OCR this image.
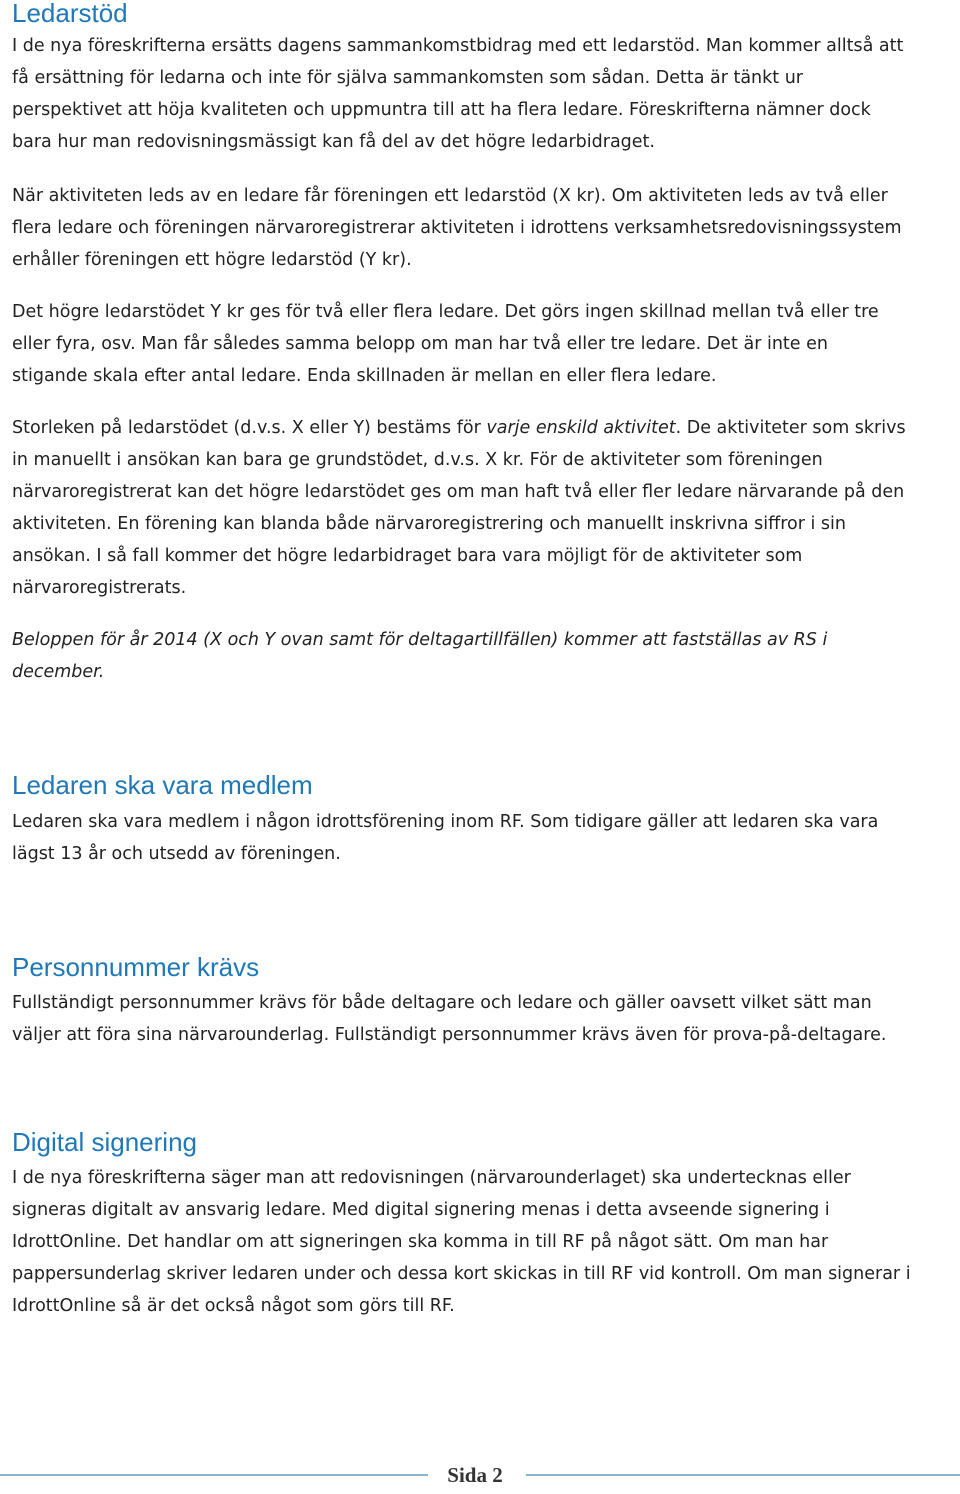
Ledarstöd

I de nya föreskrifterna ersätts dagens sammankomstbidrag med ett ledarstöd. Man kommer alltså att
få ersättning för ledarna och inte för själva sammankomsten som sådan. Detta är tänkt ur
perspektivet att höja kvaliteten och uppmuntra till att ha flera ledare. Föreskrifterna nämner dock
bara hur man redovisningsmässigt kan få del av det högre ledarbidraget.

När aktiviteten leds av en ledare får föreningen ett ledarstöd (X kr). Om aktiviteten leds av två eller
flera ledare och föreningen närvaroregistrerar aktiviteten i idrottens verksamhetsredovisningssystem
erhåller föreningen ett högre ledarstöd (Y kr).

Det högre ledarstödet Y kr ges för två eller flera ledare. Det görs ingen skillnad mellan två eller tre
eller fyra, osv. Man får således samma belopp om man har två eller tre ledare. Det är inte en
stigande skala efter antal ledare. Enda skillnaden är mellan en eller flera ledare.

Storleken på ledarstödet (d.v.s. X eller Y) bestäms för varje enskild aktivitet. De aktiviteter som skrivs
in manuellt i ansökan kan bara ge grundstödet, d.v.s. X kr. För de aktiviteter som föreningen
närvaroregistrerat kan det högre ledarstödet ges om man haft två eller fler ledare närvarande på den
aktiviteten. En förening kan blanda både närvaroregistrering och manuellt inskrivna siffror i sin
ansökan. I så fall kommer det högre ledarbidraget bara vara möjligt för de aktiviteter som
närvaroregistrerats.

Beloppen för år 2014 (X och Y ovan samt för deltagartillfällen) kommer att fastställas av RS i
december.

Ledaren ska vara medlem

Ledaren ska vara medlem i någon idrottsförening inom RF. Som tidigare gäller att ledaren ska vara
lägst 13 år och utsedd av föreningen.

Personnummer krävs

Fullständigt personnummer krävs för både deltagare och ledare och gäller oavsett vilket sätt man
väljer att föra sina närvarounderlag. Fullständigt personnummer krävs även för prova-på-deltagare.

Digital signering

I de nya föreskrifterna säger man att redovisningen (närvarounderlaget) ska undertecknas eller
signeras digitalt av ansvarig ledare. Med digital signering menas i detta avseende signering i
IdrottOnline. Det handlar om att signeringen ska komma in till RF på något sätt. Om man har
pappersunderlag skriver ledaren under och dessa kort skickas in till RF vid kontroll. Om man signerar i
IdrottOnline så är det också något som görs till RF.

Sida 2
